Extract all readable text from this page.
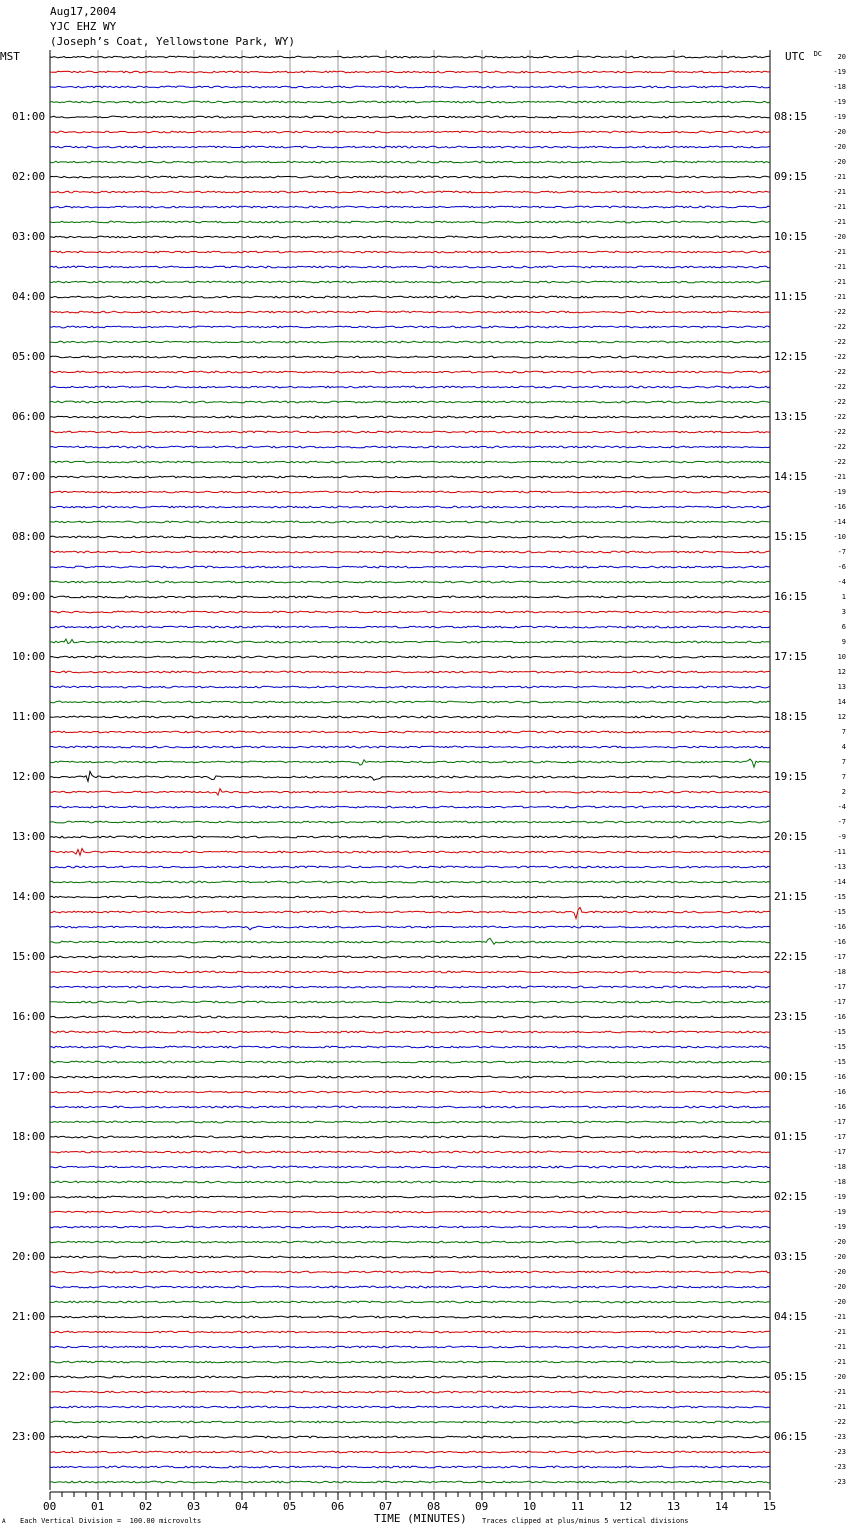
Aug17,2004
YJC EHZ WY
(Joseph’s Coat, Yellowstone Park, WY)
MST	UTC	DC	20
-19
-18
-19
-19
-20
-20
-20
-21
-21
-21
-21
-20
-21
-21
-21
-21
-22
-22
-22
-22
-22
-22
-22
-22
-22
-22
-22
-21
-19
-16
-14
-10
-7
-6
-4
1
3
6
9
10
12
13
14
12
7
4
7
7
2
-4
-7
-9
-11
-13
-14
-15
-15
-16
-16
-17
-18
-17
-17
-16
-15
-15
-15
-16
-16
-16
-17
-17
-17
-18
-18
-19
-19
-19
-20
-20
-20
-20
-20
-21
-21
-21
-21
-20
-21
-21
-22
-23
-23
-23
-23
01:00
02:00
03:00
04:00
05:00
06:00
07:00
08:00
09:00
10:00
11:00
12:00
13:00
14:00
15:00
16:00
17:00
18:00
19:00
20:00
21:00
22:00
23:00
08:15
09:15
10:15
11:15
12:15
13:15
14:15
15:15
16:15
17:15
18:15
19:15
20:15
21:15
22:15
23:15
00:15
01:15
02:15
03:15
04:15
05:15
06:15
00	01	02	03	04	05	06	07	08	09	10	11	12	13	14	15
TIME (MINUTES)
Each Vertical Division =  100.00 microvolts	Traces clipped at plus/minus 5 vertical divisions
A
